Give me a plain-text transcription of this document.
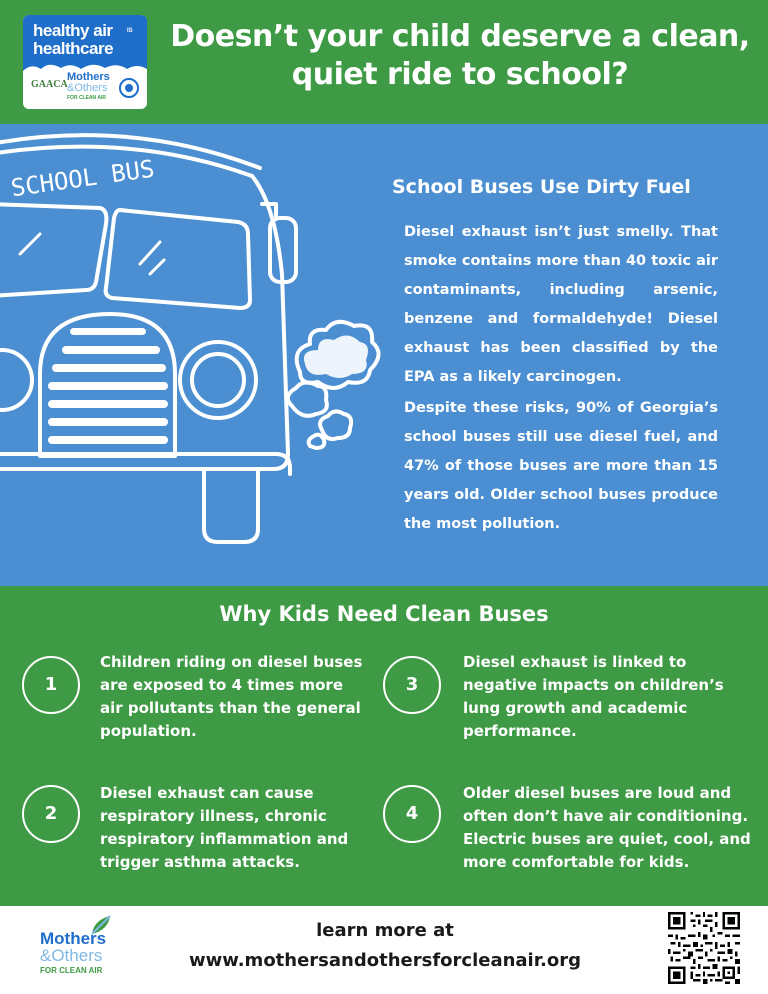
healthy air IS
healthcare
GAACA
Mothers
&Others
FOR CLEAN AIR
Doesn’t your child deserve a clean,
quiet ride to school?
SCHOOL BUS	School Buses Use Dirty Fuel

Diesel exhaust isn’t just smelly. That smoke contains more than 40 toxic air contaminants, including arsenic, benzene and formaldehyde! Diesel exhaust has been classified by the EPA as a likely carcinogen.

Despite these risks, 90% of Georgia’s school buses still use diesel fuel, and 47% of those buses are more than 15 years old. Older school buses produce the most pollution.

Why Kids Need Clean Buses
1
Children riding on diesel buses are exposed to 4 times more air pollutants than the general population.
2
Diesel exhaust can cause respiratory illness, chronic respiratory inflammation and trigger asthma attacks.
3
Diesel exhaust is linked to negative impacts on children’s lung growth and academic performance.
4
Older diesel buses are loud and often don’t have air conditioning. Electric buses are quiet, cool, and more comfortable for kids.
Mothers
&Others
FOR CLEAN AIR
learn more at
www.mothersandothersforcleanair.org
